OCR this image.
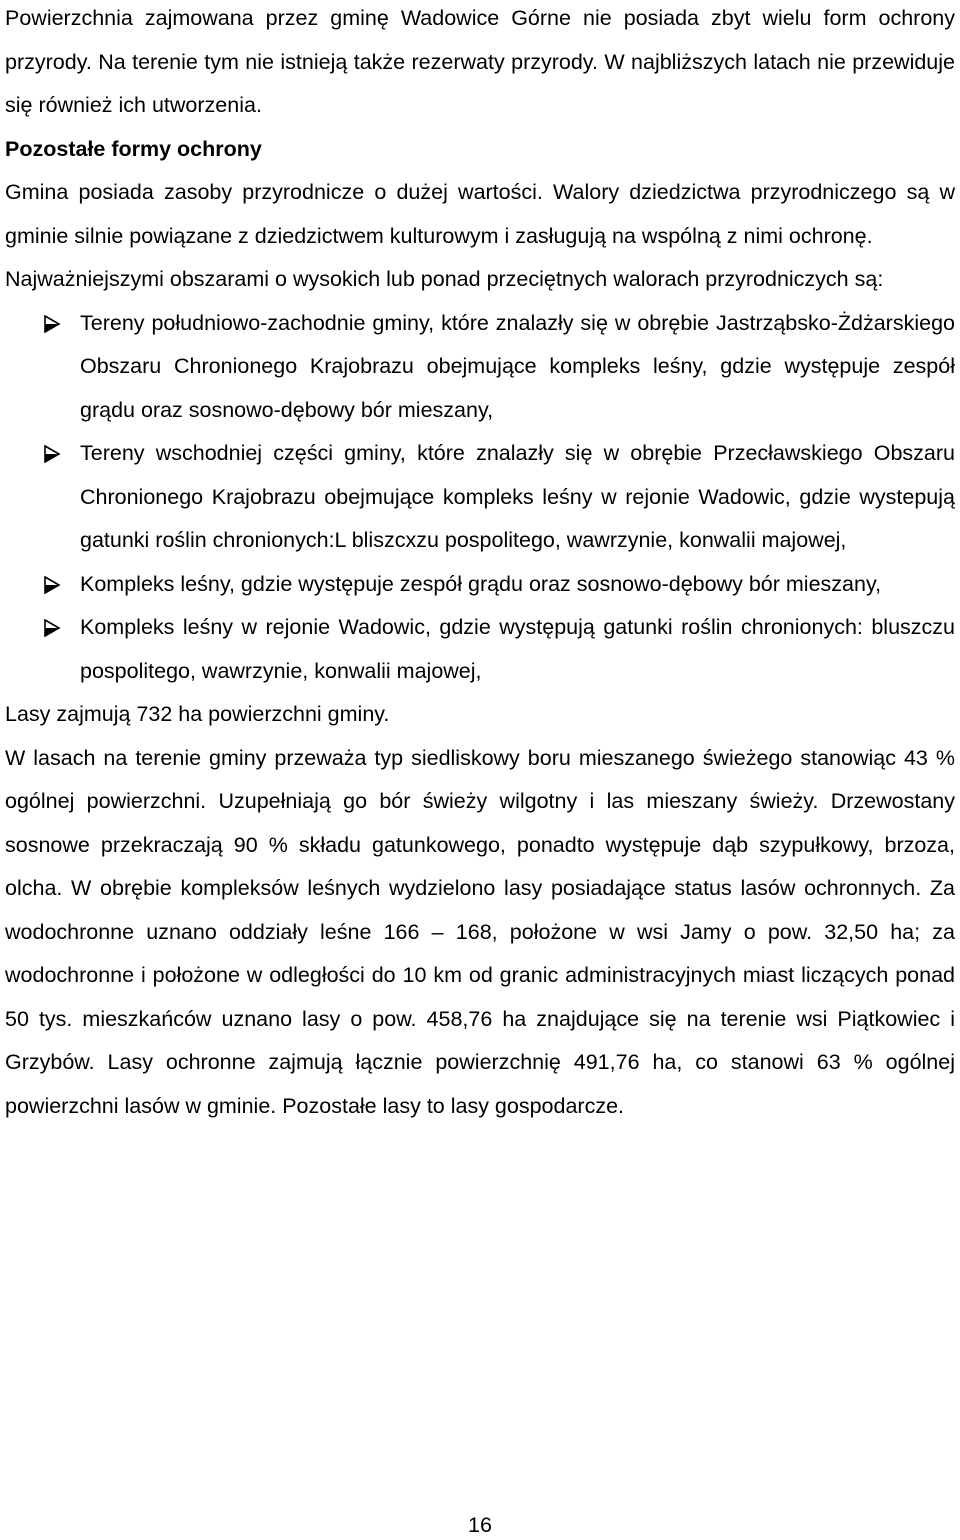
Powierzchnia zajmowana przez gminę Wadowice Górne nie posiada zbyt wielu form ochrony przyrody. Na terenie tym nie istnieją także rezerwaty przyrody. W najbliższych latach nie przewiduje się również ich utworzenia.

Pozostałe formy ochrony

Gmina posiada zasoby przyrodnicze o dużej wartości. Walory dziedzictwa przyrodniczego są w gminie silnie powiązane z dziedzictwem kulturowym i zasługują na wspólną z nimi ochronę.

Najważniejszymi obszarami o wysokich lub ponad przeciętnych walorach przyrodniczych są:

Tereny południowo-zachodnie gminy, które znalazły się w obrębie Jastrząbsko-Żdżarskiego Obszaru Chronionego Krajobrazu obejmujące kompleks leśny, gdzie występuje zespół grądu oraz sosnowo-dębowy bór mieszany,
Tereny wschodniej części gminy, które znalazły się w obrębie Przecławskiego Obszaru Chronionego Krajobrazu obejmujące kompleks leśny w rejonie Wadowic, gdzie wystepują gatunki roślin chronionych:L bliszcxzu pospolitego, wawrzynie, konwalii majowej,
Kompleks leśny, gdzie występuje zespół grądu oraz sosnowo-dębowy bór mieszany,
Kompleks leśny w rejonie Wadowic, gdzie występują gatunki roślin chronionych: bluszczu pospolitego, wawrzynie, konwalii majowej,

Lasy zajmują 732 ha powierzchni gminy.

W lasach na terenie gminy przeważa typ siedliskowy boru mieszanego świeżego stanowiąc 43 % ogólnej powierzchni. Uzupełniają go bór świeży wilgotny i las mieszany świeży. Drzewostany sosnowe przekraczają 90 % składu gatunkowego, ponadto występuje dąb szypułkowy, brzoza, olcha. W obrębie kompleksów leśnych wydzielono lasy posiadające status lasów ochronnych. Za wodochronne uznano oddziały leśne 166 – 168, położone w wsi Jamy o pow. 32,50 ha; za wodochronne i położone w odległości do 10 km od granic administracyjnych miast liczących ponad 50 tys. mieszkańców uznano lasy o pow. 458,76 ha znajdujące się na terenie wsi Piątkowiec i Grzybów. Lasy ochronne zajmują łącznie powierzchnię 491,76 ha, co stanowi 63 % ogólnej powierzchni lasów w gminie. Pozostałe lasy to lasy gospodarcze.

16
